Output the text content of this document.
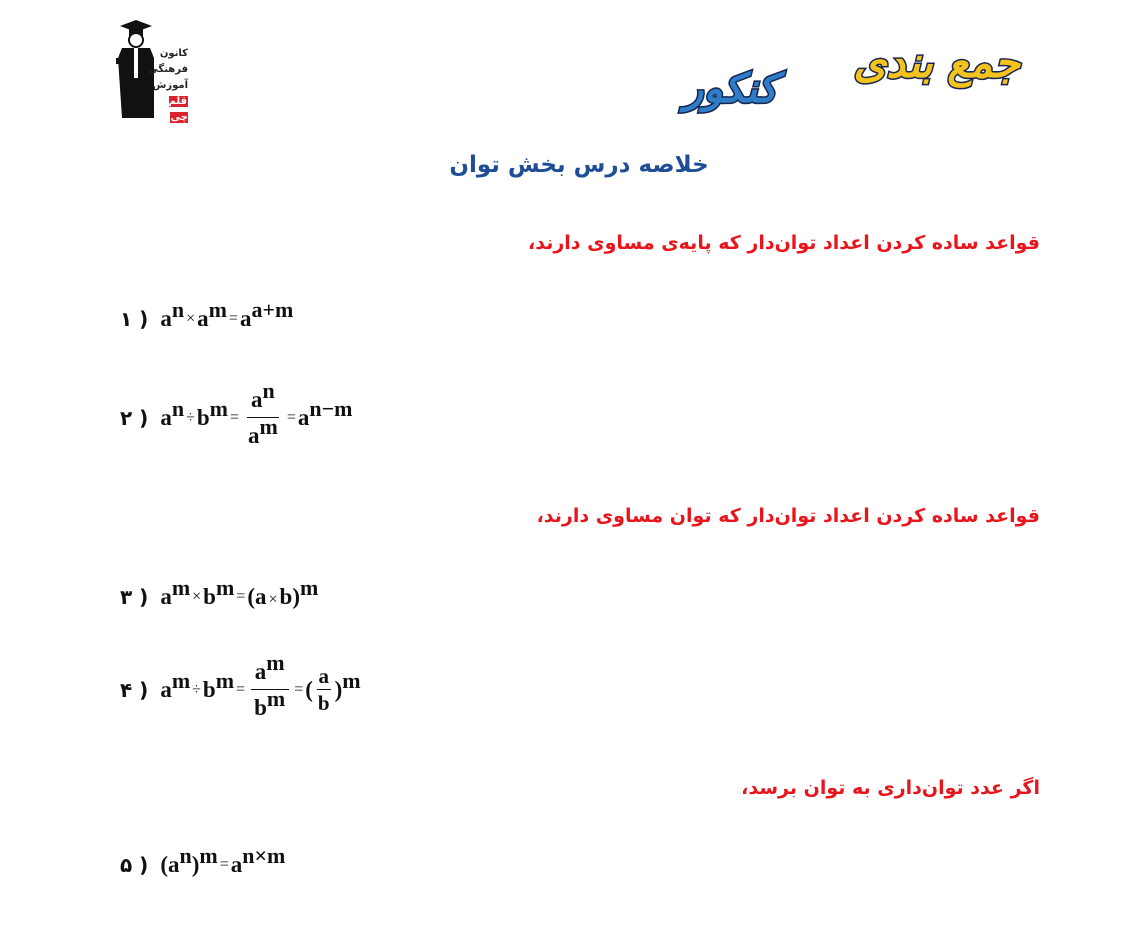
کانون
فرهنگی
آموزش
قلم چی
جمع بندی
کنکور
خلاصه درس بخش توان
قواعد ساده کردن اعداد توان‌دار که پایه‌ی مساوی دارند،
۱ ) $a^n \times a^m = a^{a+m}$
۲ ) $a^n \div b^m = \frac{a^n}{a^m} = a^{n-m}$
قواعد ساده کردن اعداد توان‌دار که توان مساوی دارند،
۳ ) $a^m \times b^m = (a \times b)^m$
۴ ) $a^m \div b^m = \frac{a^m}{b^m}$ = ( $\frac{a}{b} )^m$
اگر عدد توان‌داری به توان برسد،
۵ ) $(a^n)^m = a^{n\times m}$
